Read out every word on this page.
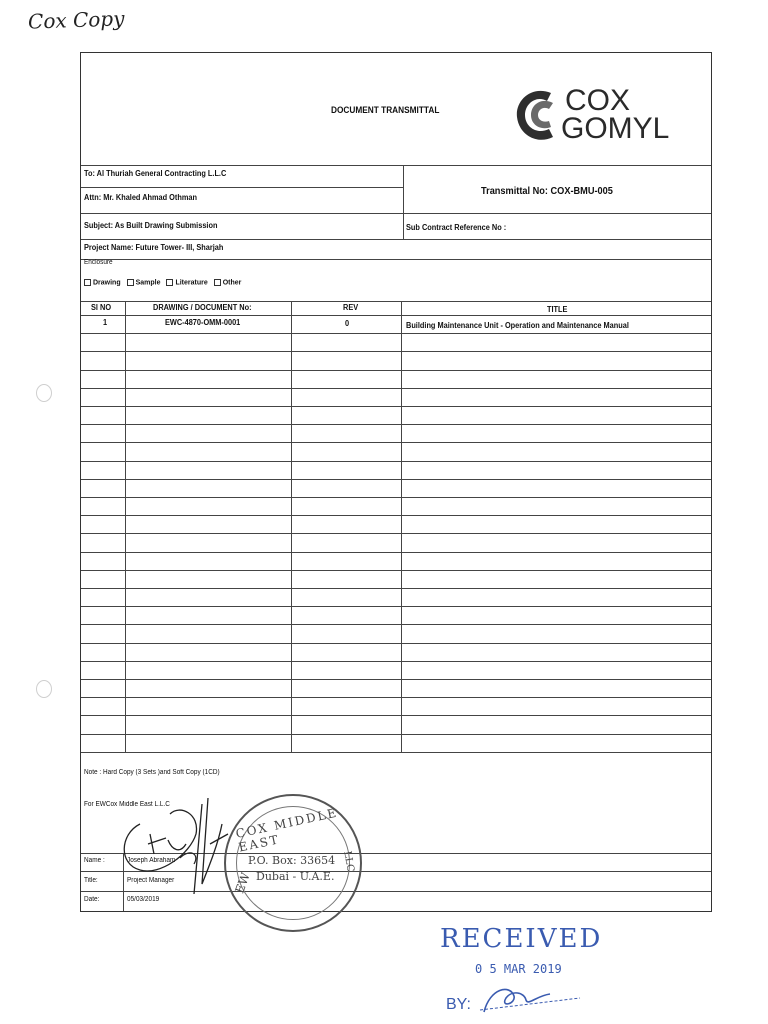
Cox Copy
DOCUMENT TRANSMITTAL	COX
GOMYL
To: Al Thuriah General Contracting L.L.C
Attn: Mr. Khaled Ahmad Othman
Subject: As Built Drawing Submission
Project Name: Future Tower- III, Sharjah
Transmittal No: COX-BMU-005
Sub Contract Reference No :
Enclosure
Drawing Sample Literature Other
Sl NO	DRAWING / DOCUMENT No:	REV	TITLE
1	EWC-4870-OMM-0001	0	Building Maintenance Unit - Operation and Maintenance Manual
Note : Hard Copy (3 Sets )and Soft Copy (1CD)
For EWCox Middle East L.L.C
Name :	Joseph Abraham
Title:	Project Manager
Date:	05/03/2019
COX MIDDLE EAST
EW
LLC
P.O. Box: 33654
Dubai - U.A.E.
RECEIVED
0 5 MAR 2019
BY:
